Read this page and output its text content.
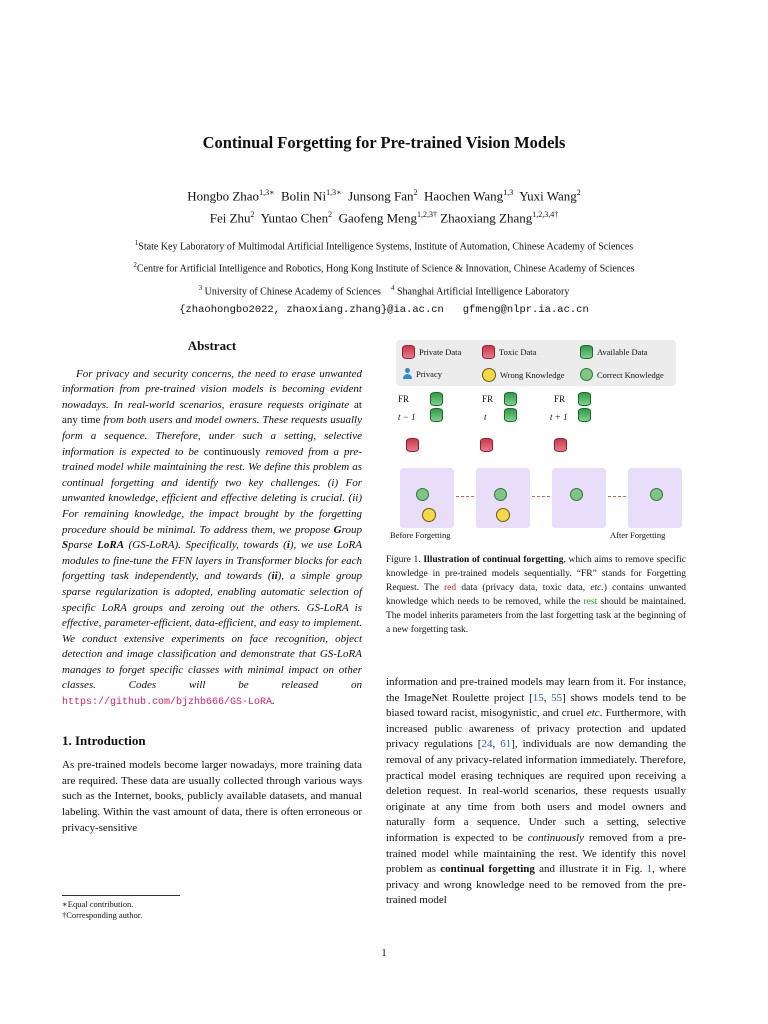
Continual Forgetting for Pre-trained Vision Models
Hongbo Zhao$^{1,3∗}$ Bolin $Ni^{1,3∗}$ Junsong Fan$^2$ Haochen Wang$^{1,3}$ Yuxi Wang$^2$
Fei Zhu$^2$ Yuntao Chen$^2$ Gaofeng Meng$^{1,2,3\dagger}$ Zhaoxiang Zhang$^{1,2,3,4\dagger}$
$^1$State Key Laboratory of Multimodal Artificial Intelligence Systems, Institute of Automation, Chinese Academy of Sciences
$^2$Centre for Artificial Intelligence and Robotics, Hong Kong Institute of Science & Innovation, Chinese Academy of Sciences
$^3$ University of Chinese Academy of Sciences $^4$ Shanghai Artificial Intelligence Laboratory
{zhaohongbo2022, zhaoxiang.zhang}@ia.ac.cn   gfmeng@nlpr.ia.ac.cn
Abstract

For privacy and security concerns, the need to erase unwanted information from pre-trained vision models is becoming evident nowadays. In real-world scenarios, erasure requests originate at any time from both users and model owners. These requests usually form a sequence. Therefore, under such a setting, selective information is expected to be continuously removed from a pre-trained model while maintaining the rest. We define this problem as continual forgetting and identify two key challenges. (i) For unwanted knowledge, efficient and effective deleting is crucial. (ii) For remaining knowledge, the impact brought by the forgetting procedure should be minimal. To address them, we propose Group Sparse LoRA (GS-LoRA). Specifically, towards (i), we use LoRA modules to fine-tune the FFN layers in Transformer blocks for each forgetting task independently, and towards (ii), a simple group sparse regularization is adopted, enabling automatic selection of specific LoRA groups and zeroing out the others. GS-LoRA is effective, parameter-efficient, data-efficient, and easy to implement. We conduct extensive experiments on face recognition, object detection and image classification and demonstrate that GS-LoRA manages to forget specific classes with minimal impact on other classes. Codes will be released on https://github.com/bjzhb666/GS-LoRA.

1. Introduction

As pre-trained models become larger nowadays, more training data are required. These data are usually collected through various ways such as the Internet, books, publicly available datasets, and manual labeling. Within the vast amount of data, there is often erroneous or privacy-sensitive

∗Equal contribution.
†Corresponding author.
Private Data	Toxic Data	Available Data
Privacy	Wrong Knowledge	Correct Knowledge
FR
t − 1
FR
t
FR
t + 1
Before Forgetting	After Forgetting
Figure 1. Illustration of continual forgetting, which aims to remove specific knowledge in pre-trained models sequentially. “FR” stands for Forgetting Request. The red data (privacy data, toxic data, etc.) contains unwanted knowledge which needs to be removed, while the rest should be maintained. The model inherits parameters from the last forgetting task at the beginning of a new forgetting task.
information and pre-trained models may learn from it. For instance, the ImageNet Roulette project [15, 55] shows models tend to be biased toward racist, misogynistic, and cruel etc. Furthermore, with increased public awareness of privacy protection and updated privacy regulations [24, 61], individuals are now demanding the removal of any privacy-related information immediately. Therefore, practical model erasing techniques are required upon receiving a deletion request. In real-world scenarios, these requests usually originate at any time from both users and model owners and naturally form a sequence. Under such a setting, selective information is expected to be continuously removed from a pre-trained model while maintaining the rest. We identify this novel problem as continual forgetting and illustrate it in Fig. 1, where privacy and wrong knowledge need to be removed from the pre-trained model
1
